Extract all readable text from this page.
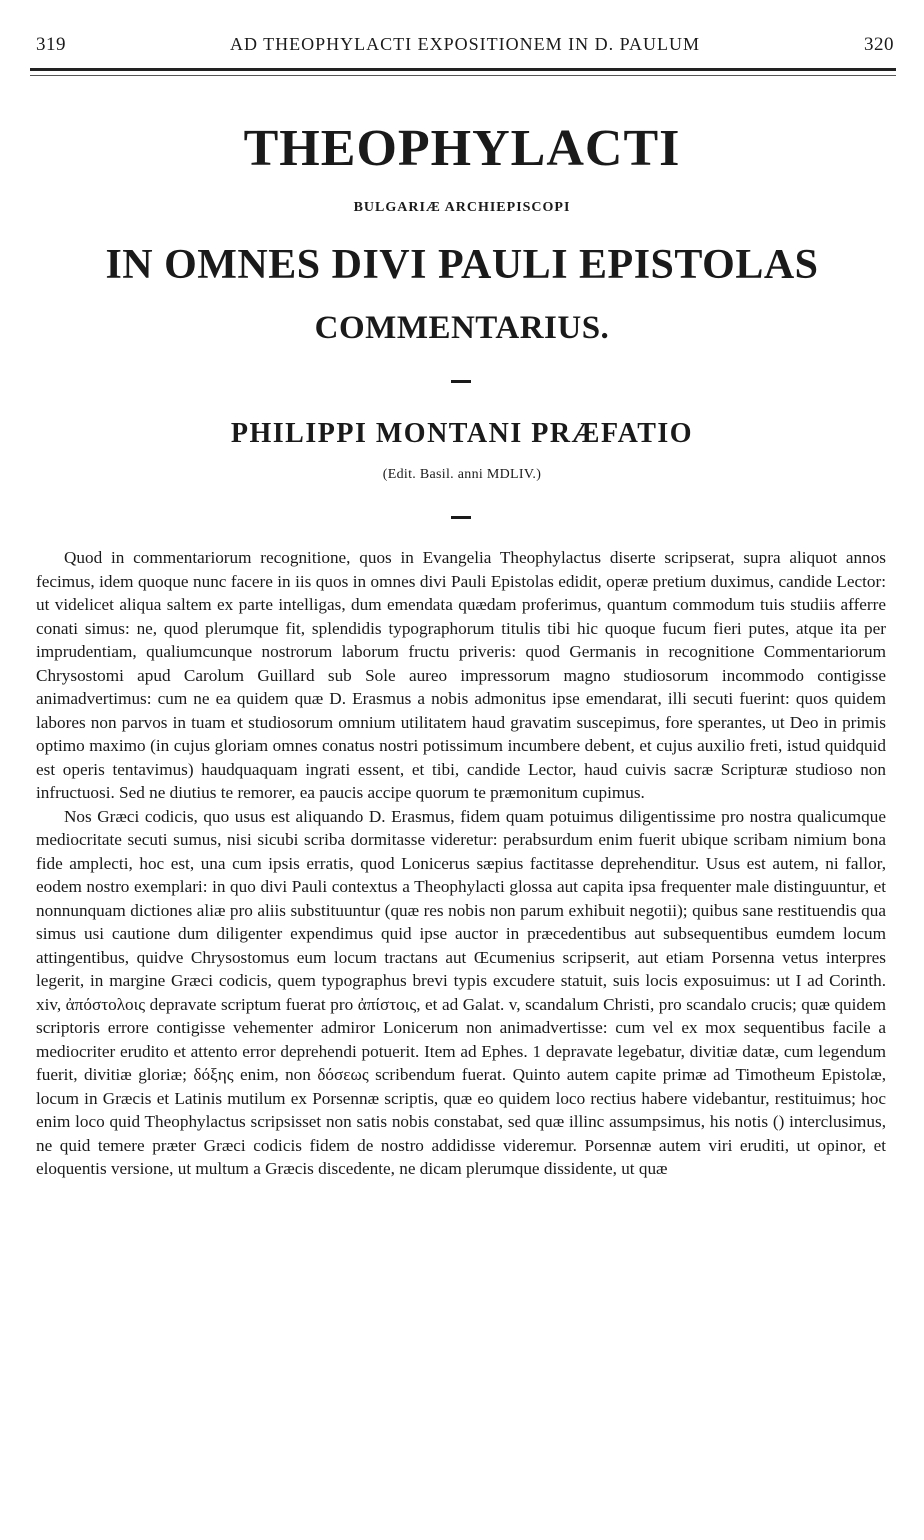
319	AD THEOPHYLACTI EXPOSITIONEM IN D. PAULUM	320
THEOPHYLACTI
BULGARIÆ ARCHIEPISCOPI
IN OMNES DIVI PAULI EPISTOLAS
COMMENTARIUS.
PHILIPPI MONTANI PRÆFATIO
(Edit. Basil. anni MDLIV.)

Quod in commentariorum recognitione, quos in Evangelia Theophylactus diserte scripserat, supra aliquot annos fecimus, idem quoque nunc facere in iis quos in omnes divi Pauli Epistolas edidit, operæ pretium duximus, candide Lector: ut videlicet aliqua saltem ex parte intelligas, dum emendata quædam proferimus, quantum commodum tuis studiis afferre conati simus: ne, quod plerumque fit, splendidis typographorum titulis tibi hic quoque fucum fieri putes, atque ita per imprudentiam, qualiumcunque nostrorum laborum fructu priveris: quod Germanis in recognitione Commentariorum Chrysostomi apud Carolum Guillard sub Sole aureo impressorum magno studiosorum incommodo contigisse animadvertimus: cum ne ea quidem quæ D. Erasmus a nobis admonitus ipse emendarat, illi secuti fuerint: quos quidem labores non parvos in tuam et studiosorum omnium utilitatem haud gravatim suscepimus, fore sperantes, ut Deo in primis optimo maximo (in cujus gloriam omnes conatus nostri potissimum incumbere debent, et cujus auxilio freti, istud quidquid est operis tentavimus) haudquaquam ingrati essent, et tibi, candide Lector, haud cuivis sacræ Scripturæ studioso non infructuosi. Sed ne diutius te remorer, ea paucis accipe quorum te præmonitum cupimus.

Nos Græci codicis, quo usus est aliquando D. Erasmus, fidem quam potuimus diligentissime pro nostra qualicumque mediocritate secuti sumus, nisi sicubi scriba dormitasse videretur: perabsurdum enim fuerit ubique scribam nimium bona fide amplecti, hoc est, una cum ipsis erratis, quod Lonicerus sæpius factitasse deprehenditur. Usus est autem, ni fallor, eodem nostro exemplari: in quo divi Pauli contextus a Theophylacti glossa aut capita ipsa frequenter male distinguuntur, et nonnunquam dictiones aliæ pro aliis substituuntur (quæ res nobis non parum exhibuit negotii); quibus sane restituendis qua simus usi cautione dum diligenter expendimus quid ipse auctor in præcedentibus aut subsequentibus eumdem locum attingentibus, quidve Chrysostomus eum locum tractans aut Œcumenius scripserit, aut etiam Porsenna vetus interpres legerit, in margine Græci codicis, quem typographus brevi typis excudere statuit, suis locis exposuimus: ut I ad Corinth. xiv, ἀπόστολοις depravate scriptum fuerat pro ἀπίστοις, et ad Galat. v, scandalum Christi, pro scandalo crucis; quæ quidem scriptoris errore contigisse vehementer admiror Lonicerum non animadvertisse: cum vel ex mox sequentibus facile a mediocriter erudito et attento error deprehendi potuerit. Item ad Ephes. 1 depravate legebatur, divitiæ datæ, cum legendum fuerit, divitiæ gloriæ; δόξης enim, non δόσεως scribendum fuerat. Quinto autem capite primæ ad Timotheum Epistolæ, locum in Græcis et Latinis mutilum ex Porsennæ scriptis, quæ eo quidem loco rectius habere videbantur, restituimus; hoc enim loco quid Theophylactus scripsisset non satis nobis constabat, sed quæ illinc assumpsimus, his notis () interclusimus, ne quid temere præter Græci codicis fidem de nostro addidisse videremur. Porsennæ autem viri eruditi, ut opinor, et eloquentis versione, ut multum a Græcis discedente, ne dicam plerumque dissidente, ut quæ
